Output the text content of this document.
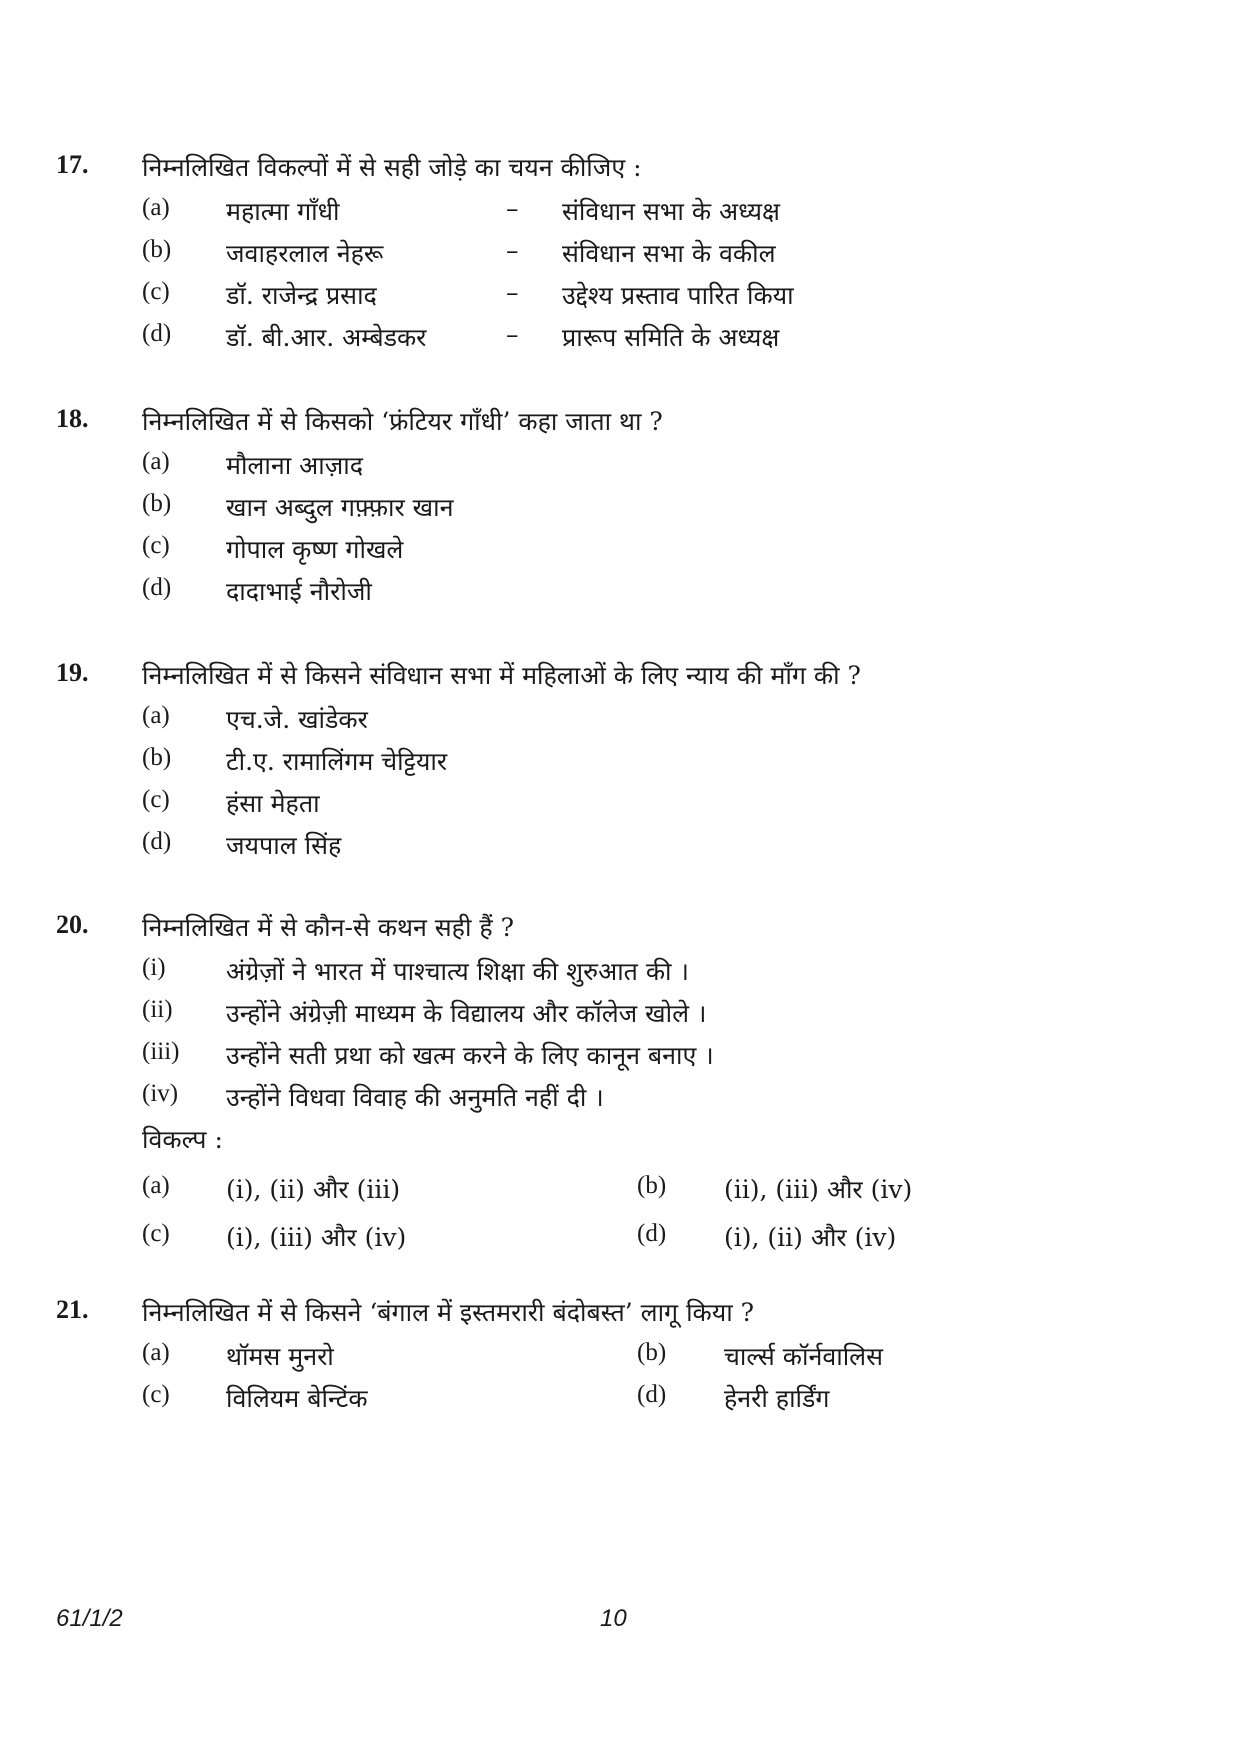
17. निम्नलिखित विकल्पों में से सही जोड़े का चयन कीजिए :
(a) महात्मा गाँधी	– संविधान सभा के अध्यक्ष
(b) जवाहरलाल नेहरू	– संविधान सभा के वकील
(c) डॉ. राजेन्द्र प्रसाद	– उद्देश्य प्रस्ताव पारित किया
(d) डॉ. बी.आर. अम्बेडकर	– प्रारूप समिति के अध्यक्ष
18. निम्नलिखित में से किसको ‘फ्रंटियर गाँधी’ कहा जाता था ?
(a) मौलाना आज़ाद
(b) खान अब्दुल गफ़्फ़ार खान
(c) गोपाल कृष्ण गोखले
(d) दादाभाई नौरोजी
19. निम्नलिखित में से किसने संविधान सभा में महिलाओं के लिए न्याय की माँग की ?
(a) एच.जे. खांडेकर
(b) टी.ए. रामालिंगम चेट्टियार
(c) हंसा मेहता
(d) जयपाल सिंह
20. निम्नलिखित में से कौन-से कथन सही हैं ?
(i) अंग्रेज़ों ने भारत में पाश्चात्य शिक्षा की शुरुआत की ।
(ii) उन्होंने अंग्रेज़ी माध्यम के विद्यालय और कॉलेज खोले ।
(iii) उन्होंने सती प्रथा को खत्म करने के लिए कानून बनाए ।
(iv) उन्होंने विधवा विवाह की अनुमति नहीं दी ।
विकल्प :
(a) (i), (ii) और (iii)	(b) (ii), (iii) और (iv)
(c) (i), (iii) और (iv)	(d) (i), (ii) और (iv)
21. निम्नलिखित में से किसने ‘बंगाल में इस्तमरारी बंदोबस्त’ लागू किया ?
(a) थॉमस मुनरो	(b) चार्ल्स कॉर्नवालिस
(c) विलियम बेन्टिंक	(d) हेनरी हार्डिंग
61/1/2	10
